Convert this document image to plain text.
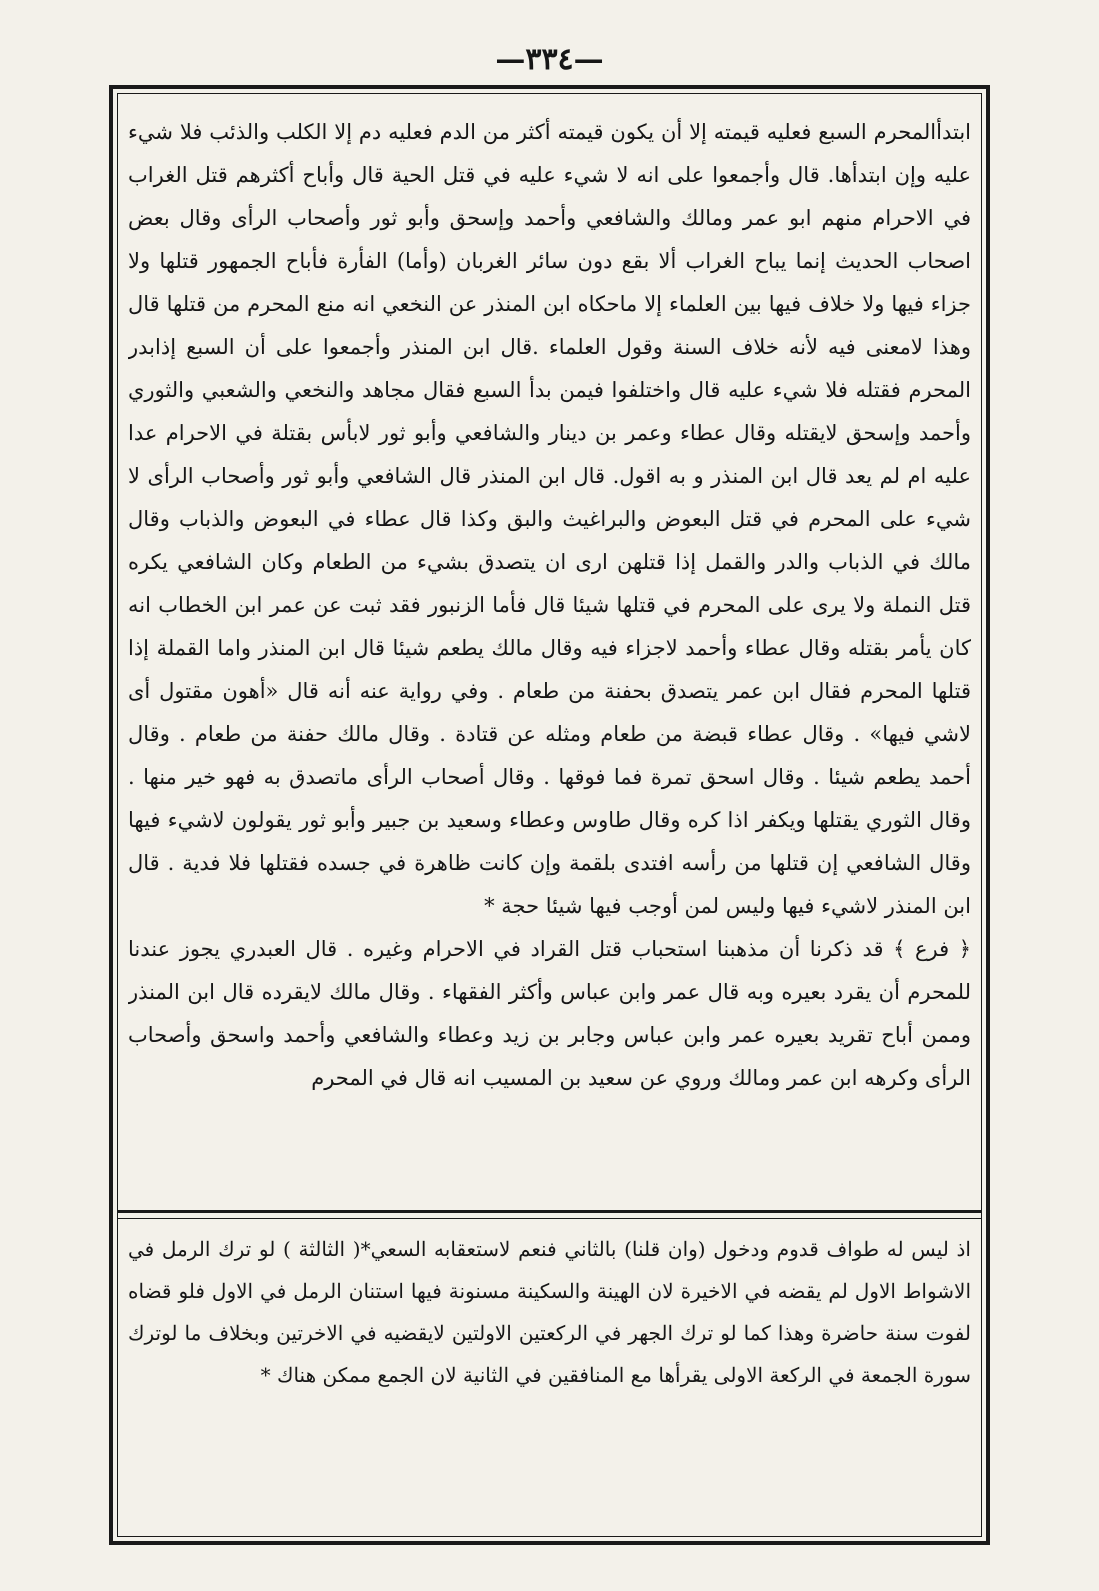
—٣٣٤—

ابتدأالمحرم السبع فعليه قيمته إلا أن يكون قيمته أكثر من الدم فعليه دم إلا الكلب والذئب فلا شيء عليه وإن ابتدأها. قال وأجمعوا على انه لا شيء عليه في قتل الحية قال وأباح أكثرهم قتل الغراب في الاحرام منهم ابو عمر ومالك والشافعي وأحمد وإسحق وأبو ثور وأصحاب الرأى وقال بعض اصحاب الحديث إنما يباح الغراب ألا بقع دون سائر الغربان (وأما) الفأرة فأباح الجمهور قتلها ولا جزاء فيها ولا خلاف فيها بين العلماء إلا ماحكاه ابن المنذر عن النخعي انه منع المحرم من قتلها قال وهذا لامعنى فيه لأنه خلاف السنة وقول العلماء .قال ابن المنذر وأجمعوا على أن السبع إذابدر المحرم فقتله فلا شيء عليه قال واختلفوا فيمن بدأ السبع فقال مجاهد والنخعي والشعبي والثوري وأحمد وإسحق لايقتله وقال عطاء وعمر بن دينار والشافعي وأبو ثور لابأس بقتلة في الاحرام عدا عليه ام لم يعد قال ابن المنذر و به اقول. قال ابن المنذر قال الشافعي وأبو ثور وأصحاب الرأى لا شيء على المحرم في قتل البعوض والبراغيث والبق وكذا قال عطاء في البعوض والذباب وقال مالك في الذباب والدر والقمل إذا قتلهن ارى ان يتصدق بشيء من الطعام وكان الشافعي يكره قتل النملة ولا يرى على المحرم في قتلها شيئا قال فأما الزنبور فقد ثبت عن عمر ابن الخطاب انه كان يأمر بقتله وقال عطاء وأحمد لاجزاء فيه وقال مالك يطعم شيئا قال ابن المنذر واما القملة إذا قتلها المحرم فقال ابن عمر يتصدق بحفنة من طعام . وفي رواية عنه أنه قال «أهون مقتول أى لاشي فيها» . وقال عطاء قبضة من طعام ومثله عن قتادة . وقال مالك حفنة من طعام . وقال أحمد يطعم شيئا . وقال اسحق تمرة فما فوقها . وقال أصحاب الرأى ماتصدق به فهو خير منها . وقال الثوري يقتلها ويكفر اذا كره وقال طاوس وعطاء وسعيد بن جبير وأبو ثور يقولون لاشيء فيها وقال الشافعي إن قتلها من رأسه افتدى بلقمة وإن كانت ظاهرة في جسده فقتلها فلا فدية . قال ابن المنذر لاشيء فيها وليس لمن أوجب فيها شيئا حجة *

﴿ فرع ﴾ قد ذكرنا أن مذهبنا استحباب قتل القراد في الاحرام وغيره . قال العبدري يجوز عندنا للمحرم أن يقرد بعيره وبه قال عمر وابن عباس وأكثر الفقهاء . وقال مالك لايقرده قال ابن المنذر وممن أباح تقريد بعيره عمر وابن عباس وجابر بن زيد وعطاء والشافعي وأحمد واسحق وأصحاب الرأى وكرهه ابن عمر ومالك وروي عن سعيد بن المسيب انه قال في المحرم

اذ ليس له طواف قدوم ودخول (وان قلنا) بالثاني فنعم لاستعقابه السعي*( الثالثة ) لو ترك الرمل في الاشواط الاول لم يقضه في الاخيرة لان الهينة والسكينة مسنونة فيها استنان الرمل في الاول فلو قضاه لفوت سنة حاضرة وهذا كما لو ترك الجهر في الركعتين الاولتين لايقضيه في الاخرتين وبخلاف ما لوترك سورة الجمعة في الركعة الاولى يقرأها مع المنافقين في الثانية لان الجمع ممكن هناك *
